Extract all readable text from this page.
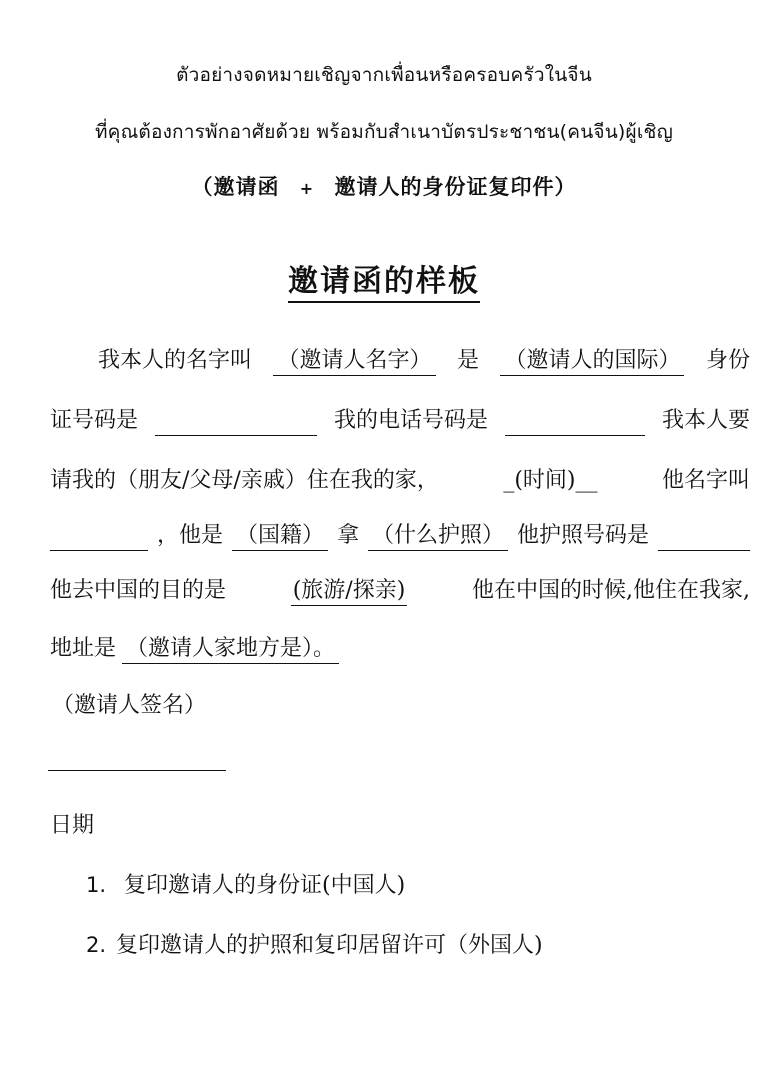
ตัวอย่างจดหมายเชิญจากเพื่อนหรือครอบครัวในจีน
ที่คุณต้องการพักอาศัยด้วย พร้อมกับสำเนาบัตรประชาชน(คนจีน)ผู้เชิญ
（邀请函 + 邀请人的身份证复印件）
邀请函的样板
我本人的名字叫 （邀请人名字） 是 （邀请人的国际） 身份
证号码是	我的电话号码是	我本人要
请我的（朋友/父母/亲戚）住在我的家，	_(时间)__	他名字叫
，他是 （国籍） 拿 （什么护照） 他护照号码是
他去中国的目的是	(旅游/探亲)	他在中国的时候,他住在我家,
地址是 （邀请人家地方是）。
（邀请人签名）
日期
1. 复印邀请人的身份证(中国人)
2. 复印邀请人的护照和复印居留许可（外国人)
